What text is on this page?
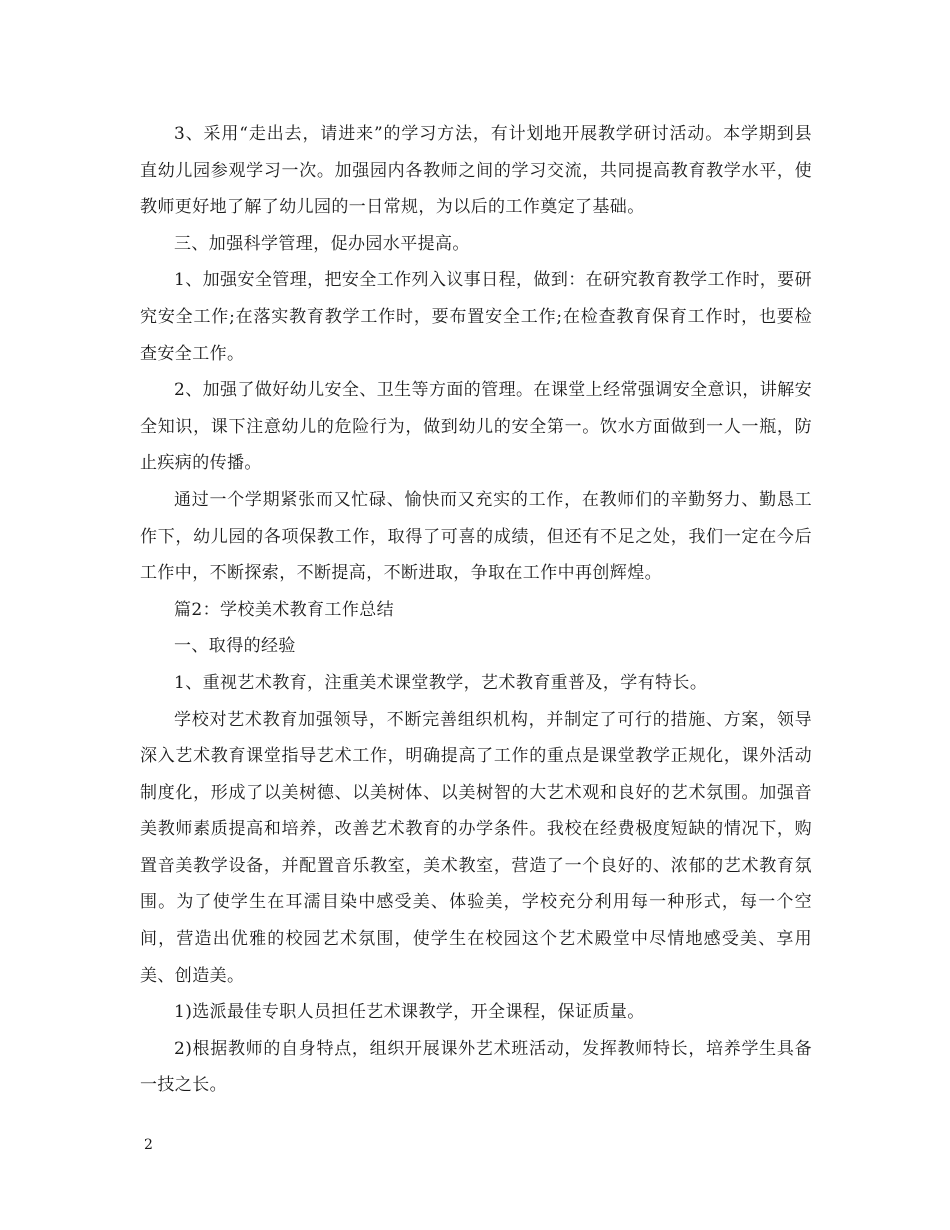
3、采用“走出去，请进来”的学习方法，有计划地开展教学研讨活动。本学期到县直幼儿园参观学习一次。加强园内各教师之间的学习交流，共同提高教育教学水平，使教师更好地了解了幼儿园的一日常规，为以后的工作奠定了基础。

三、加强科学管理，促办园水平提高。

1、加强安全管理，把安全工作列入议事日程，做到：在研究教育教学工作时，要研究安全工作;在落实教育教学工作时，要布置安全工作;在检查教育保育工作时，也要检查安全工作。

2、加强了做好幼儿安全、卫生等方面的管理。在课堂上经常强调安全意识，讲解安全知识，课下注意幼儿的危险行为，做到幼儿的安全第一。饮水方面做到一人一瓶，防止疾病的传播。

通过一个学期紧张而又忙碌、愉快而又充实的工作，在教师们的辛勤努力、勤恳工作下，幼儿园的各项保教工作，取得了可喜的成绩，但还有不足之处，我们一定在今后工作中，不断探索，不断提高，不断进取，争取在工作中再创辉煌。

篇2：学校美术教育工作总结

一、取得的经验

1、重视艺术教育，注重美术课堂教学，艺术教育重普及，学有特长。

学校对艺术教育加强领导，不断完善组织机构，并制定了可行的措施、方案，领导深入艺术教育课堂指导艺术工作，明确提高了工作的重点是课堂教学正规化，课外活动制度化，形成了以美树德、以美树体、以美树智的大艺术观和良好的艺术氛围。加强音美教师素质提高和培养，改善艺术教育的办学条件。我校在经费极度短缺的情况下，购置音美教学设备，并配置音乐教室，美术教室，营造了一个良好的、浓郁的艺术教育氛围。为了使学生在耳濡目染中感受美、体验美，学校充分利用每一种形式，每一个空间，营造出优雅的校园艺术氛围，使学生在校园这个艺术殿堂中尽情地感受美、享用美、创造美。

1)选派最佳专职人员担任艺术课教学，开全课程，保证质量。

2)根据教师的自身特点，组织开展课外艺术班活动，发挥教师特长，培养学生具备一技之长。

2
